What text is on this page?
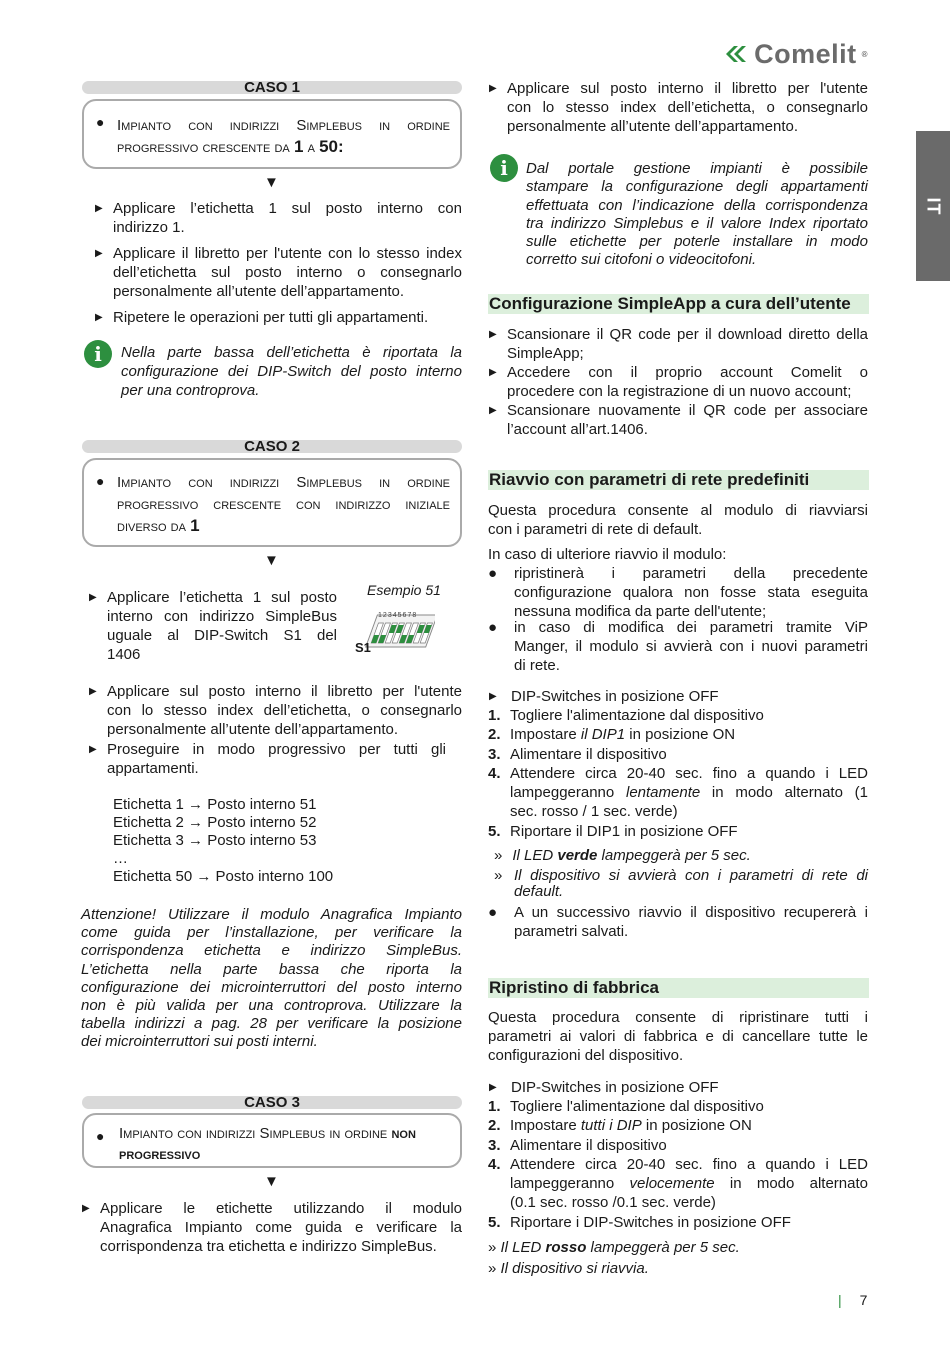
Comelit ®
IT
CASO 1
● Impianto con indirizzi Simplebus in ordine
progressivo crescente da 1 a 50:
▼
▶ Applicare l’etichetta 1 sul posto interno con
indirizzo 1.
▶ Applicare il libretto per l'utente con lo stesso index
dell’etichetta sul posto interno o consegnarlo
personalmente all’utente dell’appartamento.
▶ Ripetere le operazioni per tutti gli appartamenti.
i	Nella parte bassa dell’etichetta è riportata la
configurazione dei DIP-Switch del posto interno
per una controprova.
CASO 2
● Impianto con indirizzi Simplebus in ordine
progressivo crescente con indirizzo iniziale
diverso da 1
▼
▶ Applicare l’etichetta 1 sul posto
interno con indirizzo SimpleBus
uguale al DIP-Switch S1 del
1406
Esempio 51
S1
1 2 3 4 5 6 7 8
▶ Applicare sul posto interno il libretto per l'utente
con lo stesso index dell’etichetta, o consegnarlo
personalmente all’utente dell’appartamento.
▶ Proseguire in modo progressivo per tutti gli
appartamenti.
Etichetta 1 → Posto interno 51
Etichetta 2 → Posto interno 52
Etichetta 3 → Posto interno 53
…
Etichetta 50 → Posto interno 100
Attenzione! Utilizzare il modulo Anagrafica Impianto
come guida per l’installazione, per verificare la
corrispondenza etichetta e indirizzo SimpleBus.
L’etichetta nella parte bassa che riporta la
configurazione dei microinterruttori del posto interno
non è più valida per una controprova. Utilizzare la
tabella indirizzi a pag. 28 per verificare la posizione
dei microinterruttori sui posti interni.
CASO 3
● Impianto con indirizzi Simplebus in ordine non
progressivo
▼
▶ Applicare le etichette utilizzando il modulo
Anagrafica Impianto come guida e verificare la
corrispondenza tra etichetta e indirizzo SimpleBus.
▶ Applicare sul posto interno il libretto per l'utente
con lo stesso index dell’etichetta, o consegnarlo
personalmente all’utente dell’appartamento.
i	Dal portale gestione impianti è possibile
stampare la configurazione degli appartamenti
effettuata con l’indicazione della corrispondenza
tra indirizzo Simplebus e il valore Index riportato
sulle etichette per poterle installare in modo
corretto sui citofoni o videocitofoni.
Configurazione SimpleApp a cura dell’utente
▶ Scansionare il QR code per il download diretto della
SimpleApp;
▶ Accedere con il proprio account Comelit o
procedere con la registrazione di un nuovo account;
▶ Scansionare nuovamente il QR code per associare
l’account all’art.1406.
Riavvio con parametri di rete predefiniti
Questa procedura consente al modulo di riavviarsi
con i parametri di rete di default.
In caso di ulteriore riavvio il modulo:
● ripristinerà i parametri della precedente
configurazione qualora non fosse stata eseguita
nessuna modifica da parte dell'utente;
● in caso di modifica dei parametri tramite ViP
Manger, il modulo si avvierà con i nuovi parametri
di rete.
▶ DIP-Switches in posizione OFF
1. Togliere l'alimentazione dal dispositivo
2. Impostare il DIP1 in posizione ON
3. Alimentare il dispositivo
4. Attendere circa 20-40 sec. fino a quando i LED
lampeggeranno lentamente in modo alternato (1
sec. rosso / 1 sec. verde)
5. Riportare il DIP1 in posizione OFF
» Il LED verde lampeggerà per 5 sec.
» Il dispositivo si avvierà con i parametri di rete di
default.
● A un successivo riavvio il dispositivo recupererà i
parametri salvati.
Ripristino di fabbrica
Questa procedura consente di ripristinare tutti i
parametri ai valori di fabbrica e di cancellare tutte le
configurazioni del dispositivo.
▶ DIP-Switches in posizione OFF
1. Togliere l'alimentazione dal dispositivo
2. Impostare tutti i DIP in posizione ON
3. Alimentare il dispositivo
4. Attendere circa 20-40 sec. fino a quando i LED
lampeggeranno velocemente in modo alternato
(0.1 sec. rosso /0.1 sec. verde)
5. Riportare i DIP-Switches in posizione OFF
» Il LED rosso lampeggerà per 5 sec.
» Il dispositivo si riavvia.
| 7
